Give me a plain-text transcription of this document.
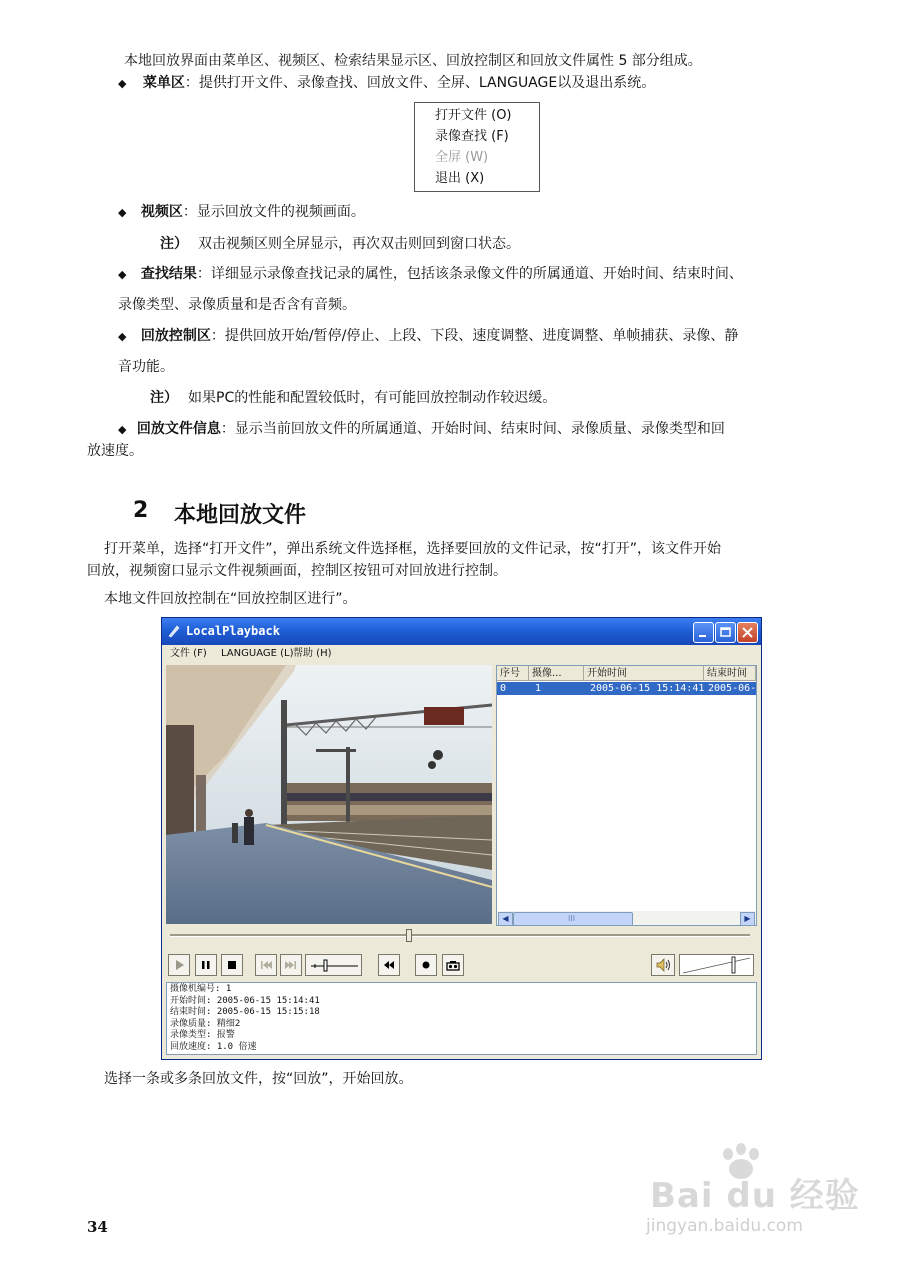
本地回放界面由菜单区、视频区、检索结果显示区、回放控制区和回放文件属性 5 部分组成。
◆ 菜单区：提供打开文件、录像查找、回放文件、全屏、LANGUAGE以及退出系统。
打开文件 (O)
录像查找 (F)
全屏 (W)
退出 (X)
◆ 视频区：显示回放文件的视频画面。
注） 双击视频区则全屏显示，再次双击则回到窗口状态。
◆ 查找结果：详细显示录像查找记录的属性，包括该条录像文件的所属通道、开始时间、结束时间、
录像类型、录像质量和是否含有音频。
◆ 回放控制区：提供回放开始/暂停/停止、上段、下段、速度调整、进度调整、单帧捕获、录像、静
音功能。
注） 如果PC的性能和配置较低时，有可能回放控制动作较迟缓。
◆ 回放文件信息：显示当前回放文件的所属通道、开始时间、结束时间、录像质量、录像类型和回
放速度。
2 本地回放文件
打开菜单，选择“打开文件”，弹出系统文件选择框，选择要回放的文件记录，按“打开”，该文件开始
回放，视频窗口显示文件视频画面，控制区按钮可对回放进行控制。
本地文件回放控制在“回放控制区进行”。
LocalPlayback
文件 (F) LANGUAGE (L) 帮助 (H)
序号	摄像...	开始时间	结束时间
0	1	2005-06-15 15:14:41 2005-06-
◀	III	▶
摄像机编号: 1
开始时间: 2005-06-15 15:14:41
结束时间: 2005-06-15 15:15:18
录像质量: 精细2
录像类型: 报警
回放速度: 1.0 倍速
选择一条或多条回放文件，按“回放”，开始回放。
34
Bai du 经验
jingyan.baidu.com
